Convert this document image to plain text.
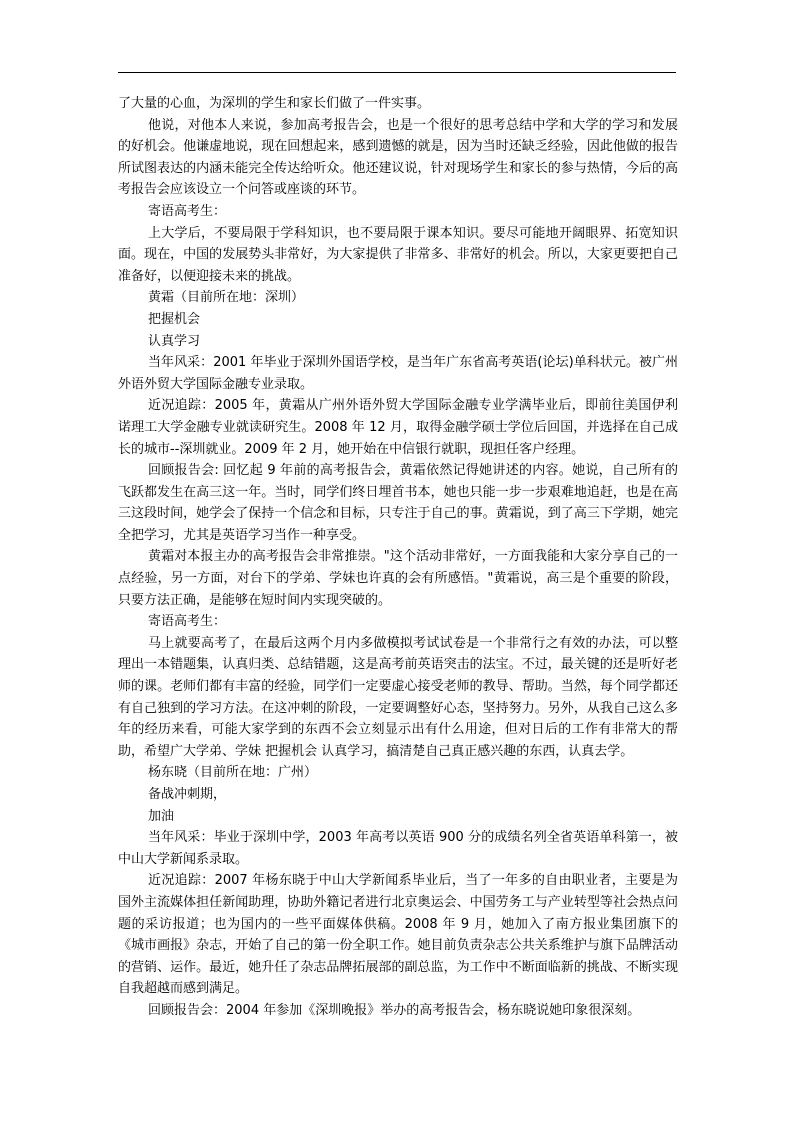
了大量的心血，为深圳的学生和家长们做了一件实事。

他说，对他本人来说，参加高考报告会，也是一个很好的思考总结中学和大学的学习和发展的好机会。他谦虚地说，现在回想起来，感到遗憾的就是，因为当时还缺乏经验，因此他做的报告所试图表达的内涵未能完全传达给听众。他还建议说，针对现场学生和家长的参与热情，今后的高考报告会应该设立一个问答或座谈的环节。

寄语高考生：

上大学后，不要局限于学科知识，也不要局限于课本知识。要尽可能地开阔眼界、拓宽知识面。现在，中国的发展势头非常好，为大家提供了非常多、非常好的机会。所以，大家更要把自己准备好，以便迎接未来的挑战。

黄霜（目前所在地：深圳）

把握机会

认真学习

当年风采：2001 年毕业于深圳外国语学校，是当年广东省高考英语(论坛)单科状元。被广州外语外贸大学国际金融专业录取。

近况追踪：2005 年，黄霜从广州外语外贸大学国际金融专业学满毕业后，即前往美国伊利诺理工大学金融专业就读研究生。2008 年 12 月，取得金融学硕士学位后回国，并选择在自己成长的城市--深圳就业。2009 年 2 月，她开始在中信银行就职，现担任客户经理。

回顾报告会: 回忆起 9 年前的高考报告会，黄霜依然记得她讲述的内容。她说，自己所有的飞跃都发生在高三这一年。当时，同学们终日埋首书本，她也只能一步一步艰难地追赶，也是在高三这段时间，她学会了保持一个信念和目标，只专注于自己的事。黄霜说，到了高三下学期，她完全把学习，尤其是英语学习当作一种享受。

黄霜对本报主办的高考报告会非常推崇。"这个活动非常好，一方面我能和大家分享自己的一点经验，另一方面，对台下的学弟、学妹也许真的会有所感悟。"黄霜说，高三是个重要的阶段，只要方法正确，是能够在短时间内实现突破的。

寄语高考生：

马上就要高考了，在最后这两个月内多做模拟考试试卷是一个非常行之有效的办法，可以整理出一本错题集，认真归类、总结错题，这是高考前英语突击的法宝。不过，最关键的还是听好老师的课。老师们都有丰富的经验，同学们一定要虚心接受老师的教导、帮助。当然，每个同学都还有自己独到的学习方法。在这冲刺的阶段，一定要调整好心态，坚持努力。另外，从我自己这么多年的经历来看，可能大家学到的东西不会立刻显示出有什么用途，但对日后的工作有非常大的帮助，希望广大学弟、学妹 把握机会 认真学习，搞清楚自己真正感兴趣的东西，认真去学。

杨东晓（目前所在地：广州）

备战冲刺期，

加油

当年风采：毕业于深圳中学，2003 年高考以英语 900 分的成绩名列全省英语单科第一，被中山大学新闻系录取。

近况追踪：2007 年杨东晓于中山大学新闻系毕业后，当了一年多的自由职业者，主要是为国外主流媒体担任新闻助理，协助外籍记者进行北京奥运会、中国劳务工与产业转型等社会热点问题的采访报道；也为国内的一些平面媒体供稿。2008 年 9 月，她加入了南方报业集团旗下的《城市画报》杂志，开始了自己的第一份全职工作。她目前负责杂志公共关系维护与旗下品牌活动的营销、运作。最近，她升任了杂志品牌拓展部的副总监，为工作中不断面临新的挑战、不断实现自我超越而感到满足。

回顾报告会：2004 年参加《深圳晚报》举办的高考报告会，杨东晓说她印象很深刻。
